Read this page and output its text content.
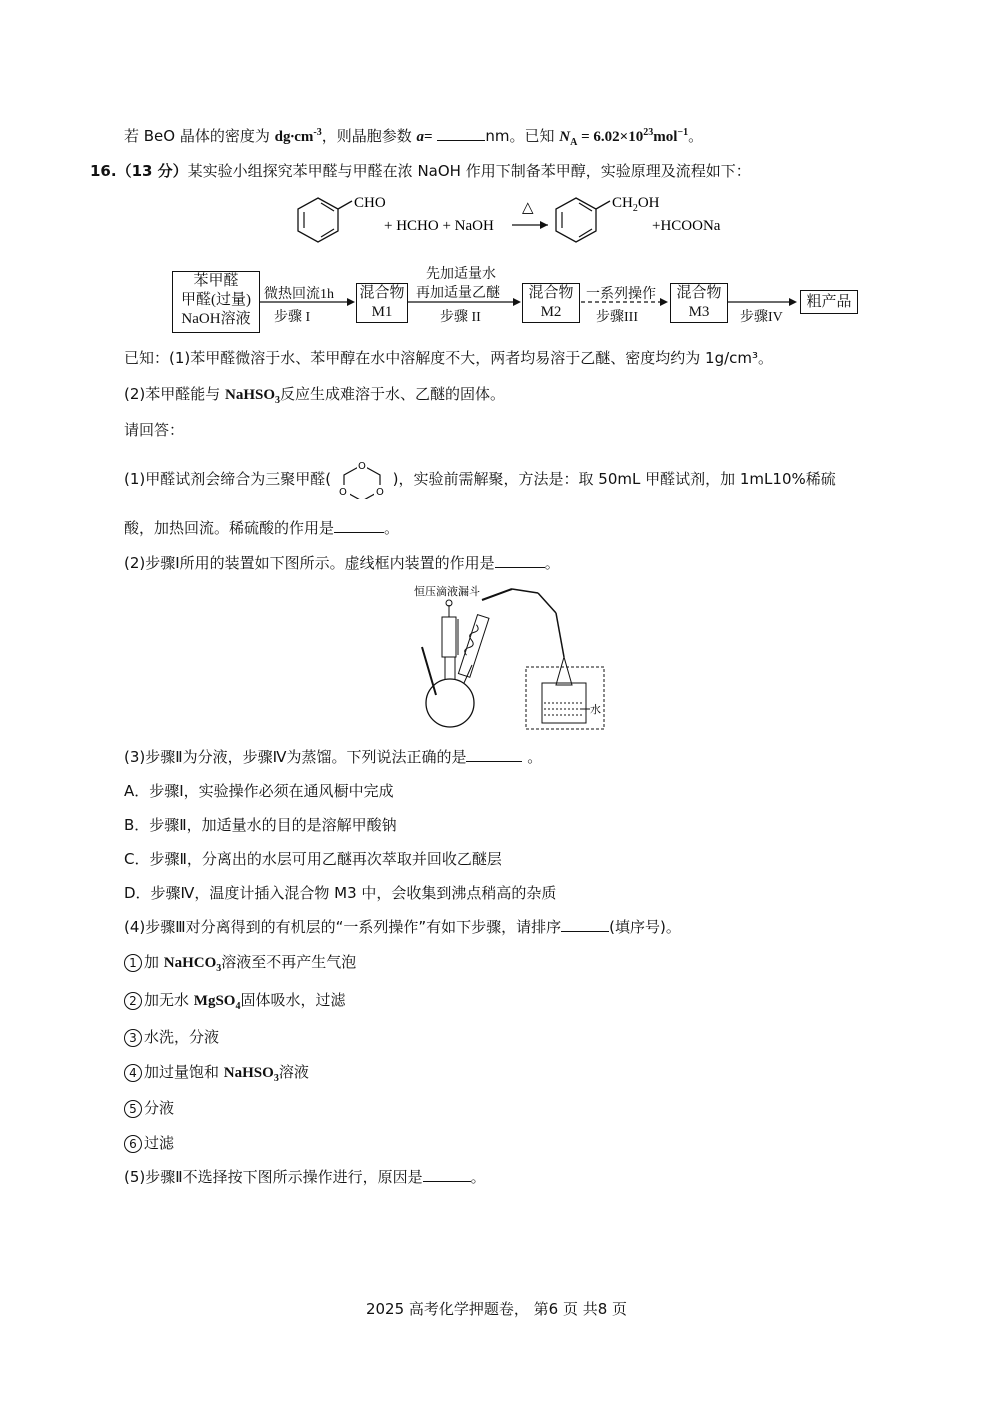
若 BeO 晶体的密度为 $dg\cdot cm^{-3}$，则晶胞参数 a=	nm。已知 $N_A = 6.02\times 10^{23}mol^{-1}$。
16.（13 分）某实验小组探究苯甲醛与甲醛在浓 NaOH 作用下制备苯甲醇，实验原理及流程如下：
CHO
+ HCHO + NaOH
△	$CH_2OH$
+HCOONa
苯甲醛
甲醛(过量)
NaOH溶液
微热回流1h
步骤 I
混合物
M1
先加适量水
再加适量乙醚
步骤 II
混合物
M2
一系列操作
步骤III
混合物
M3	步骤IV
粗产品
已知：(1)苯甲醛微溶于水、苯甲醇在水中溶解度不大，两者均易溶于乙醚、密度均约为 1g/cm³。
(2)苯甲醛能与 NaHSO$_3$反应生成难溶于水、乙醚的固体。
请回答：
(1)甲醛试剂会缔合为三聚甲醛(
O
O	O
)，实验前需解聚，方法是：取 50mL 甲醛试剂，加 1mL10%稀硫
酸，加热回流。稀硫酸的作用是	。
(2)步骤Ⅰ所用的装置如下图所示。虚线框内装置的作用是	。
恒压滴液漏斗
水
(3)步骤Ⅱ为分液，步骤Ⅳ为蒸馏。下列说法正确的是	。
A．步骤Ⅰ，实验操作必须在通风橱中完成
B．步骤Ⅱ，加适量水的目的是溶解甲酸钠
C．步骤Ⅱ，分离出的水层可用乙醚再次萃取并回收乙醚层
D．步骤Ⅳ，温度计插入混合物 M3 中，会收集到沸点稍高的杂质
(4)步骤Ⅲ对分离得到的有机层的“一系列操作”有如下步骤，请排序	(填序号)。
1 加 NaHCO$_3$溶液至不再产生气泡
2 加无水 MgSO$_4$固体吸水，过滤
3 水洗，分液
4 加过量饱和 NaHSO$_3$溶液
5 分液
6 过滤
(5)步骤Ⅱ不选择按下图所示操作进行，原因是	。
2025 高考化学押题卷， 第6 页 共8 页
